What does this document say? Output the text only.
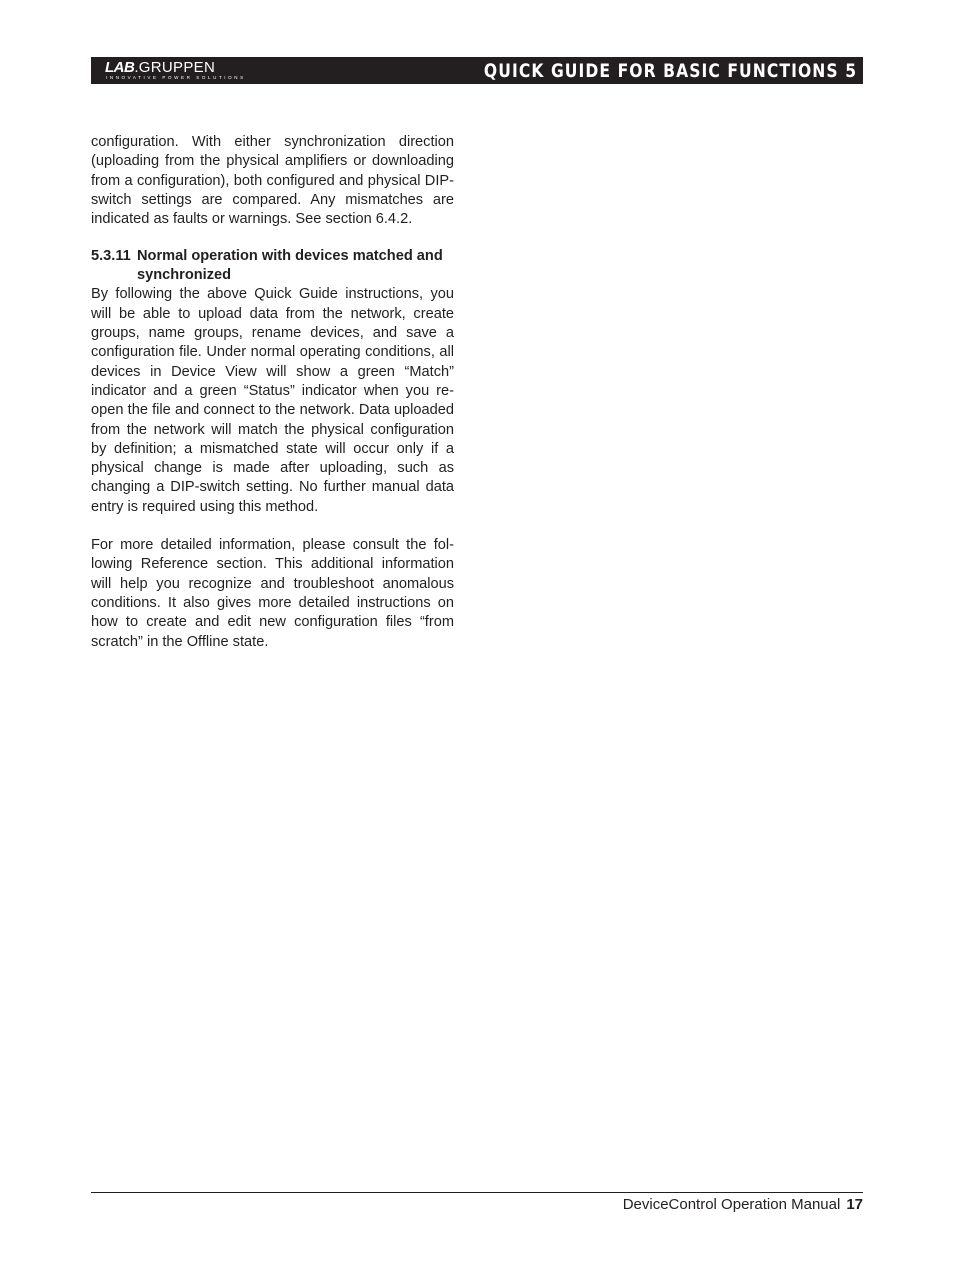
LAB.GRUPPEN
INNOVATIVE POWER SOLUTIONS	QUICK GUIDE FOR BASIC FUNCTIONS 5

configuration. With either synchronization direction (uploading from the physical amplifiers or downloading from a configuration), both configured and physical DIP-switch settings are compared. Any mismatches are indicated as faults or warnings. See section 6.4.2.

5.3.11 Normal operation with devices matched and synchronized

By following the above Quick Guide instructions, you will be able to upload data from the network, create groups, name groups, rename devices, and save a configuration file. Under normal operating conditions, all devices in Device View will show a green “Match” indicator and a green “Status” indicator when you re-open the file and connect to the network. Data uploaded from the network will match the physical configuration by definition; a mismatched state will occur only if a physical change is made after uploading, such as changing a DIP-switch setting. No further manual data entry is required using this method.

For more detailed information, please consult the following Reference section. This additional information will help you recognize and troubleshoot anomalous conditions. It also gives more detailed instructions on how to create and edit new configuration files “from scratch” in the Offline state.

DeviceControl Operation Manual 17
